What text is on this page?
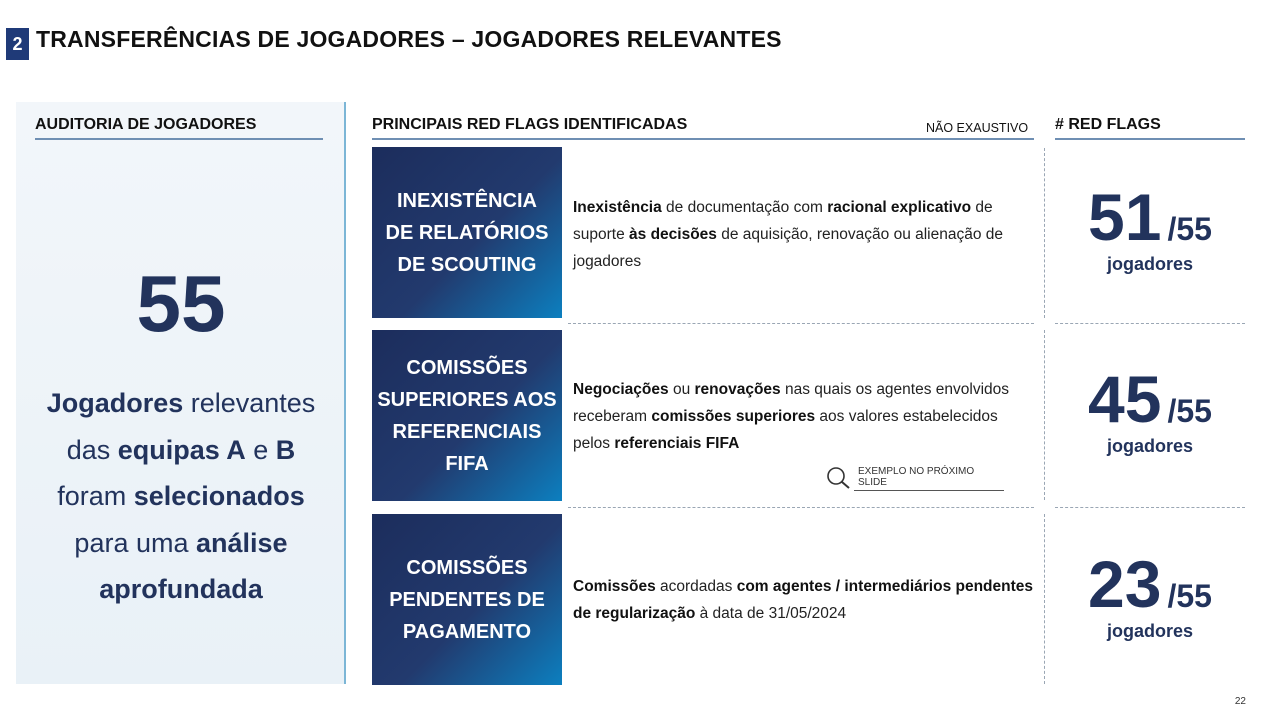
2 TRANSFERÊNCIAS DE JOGADORES – JOGADORES RELEVANTES
AUDITORIA DE JOGADORES
55
Jogadores relevantes
das equipas A e B
foram selecionados
para uma análise
aprofundada
PRINCIPAIS RED FLAGS IDENTIFICADAS	NÃO EXAUSTIVO # RED FLAGS
INEXISTÊNCIA
DE RELATÓRIOS
DE SCOUTING
Inexistência de documentação com racional explicativo de suporte às decisões de aquisição, renovação ou alienação de jogadores
51 /55
jogadores
COMISSÕES
SUPERIORES AOS
REFERENCIAIS
FIFA
Negociações ou renovações nas quais os agentes envolvidos receberam comissões superiores aos valores estabelecidos pelos referenciais FIFA
EXEMPLO NO PRÓXIMO SLIDE
45 /55
jogadores
COMISSÕES
PENDENTES DE
PAGAMENTO
Comissões acordadas com agentes / intermediários pendentes de regularização à data de 31/05/2024	23 /55
jogadores
22
